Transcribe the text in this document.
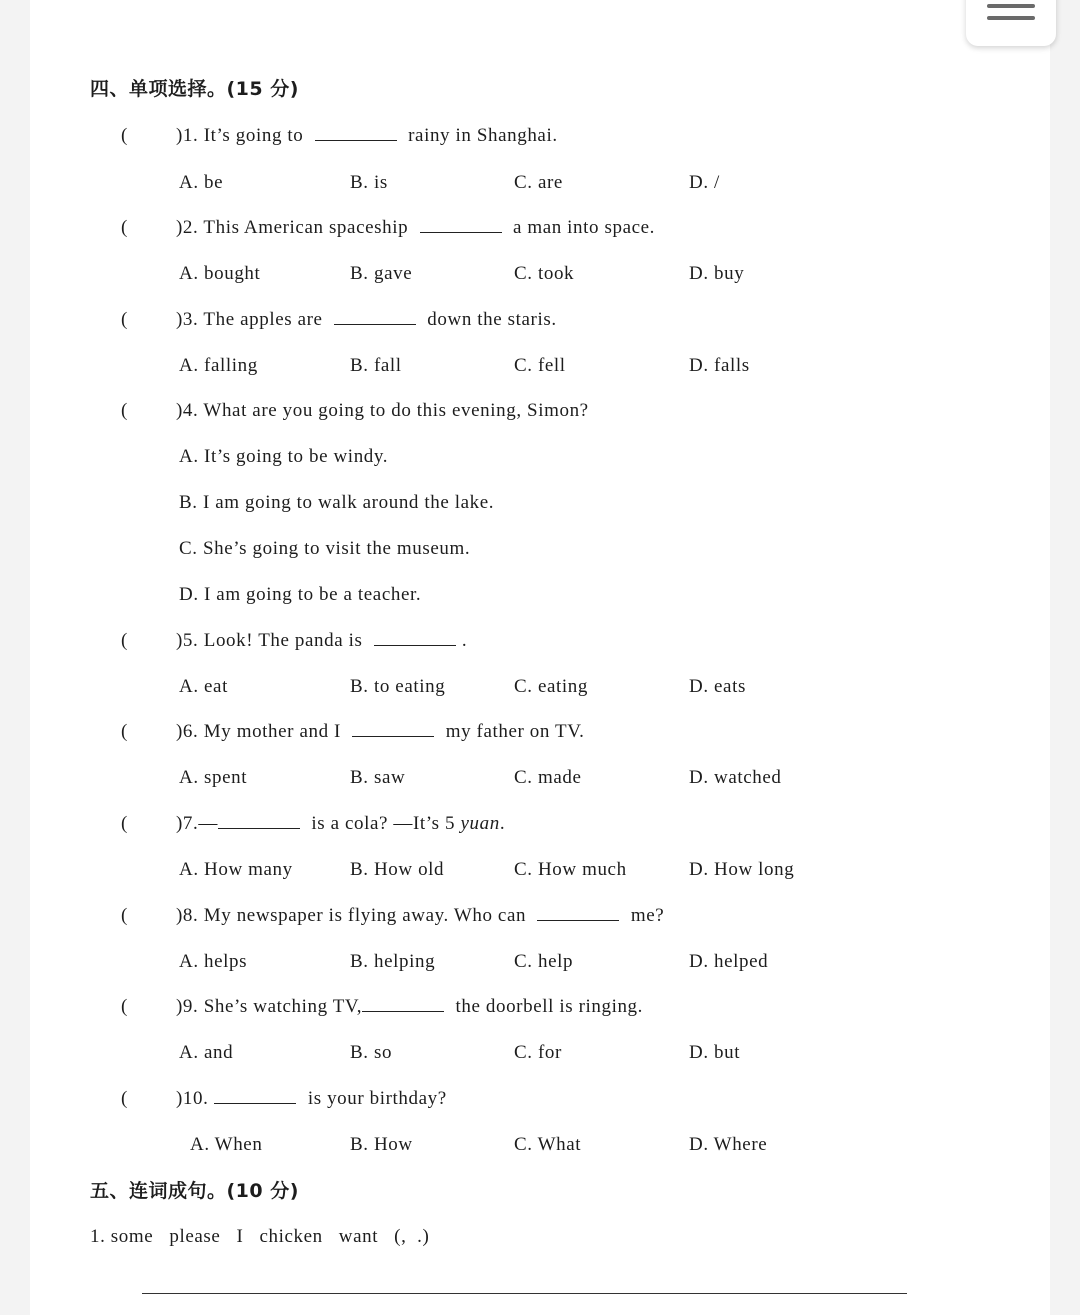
四、单项选择。(15 分)
(	)1. It’s going to	rainy in Shanghai.
A. be	B. is	C. are	D. /
(	)2. This American spaceship	a man into space.
A. bought	B. gave	C. took	D. buy
(	)3. The apples are	down the staris.
A. falling	B. fall	C. fell	D. falls
(	)4. What are you going to do this evening, Simon?
A. It’s going to be windy.
B. I am going to walk around the lake.
C. She’s going to visit the museum.
D. I am going to be a teacher.
(	)5. Look! The panda is	.
A. eat	B. to eating	C. eating	D. eats
(	)6. My mother and I	my father on TV.
A. spent	B. saw	C. made	D. watched
(	)7.—	is a cola? —It’s 5 yuan.
A. How many	B. How old	C. How much	D. How long
(	)8. My newspaper is flying away. Who can	me?
A. helps	B. helping	C. help	D. helped
(	)9. She’s watching TV,	the doorbell is ringing.
A. and	B. so	C. for	D. but
(	)10.	is your birthday?
A. When	B. How	C. What	D. Where
五、连词成句。(10 分)
1. some   please   I   chicken   want   (,  .)
